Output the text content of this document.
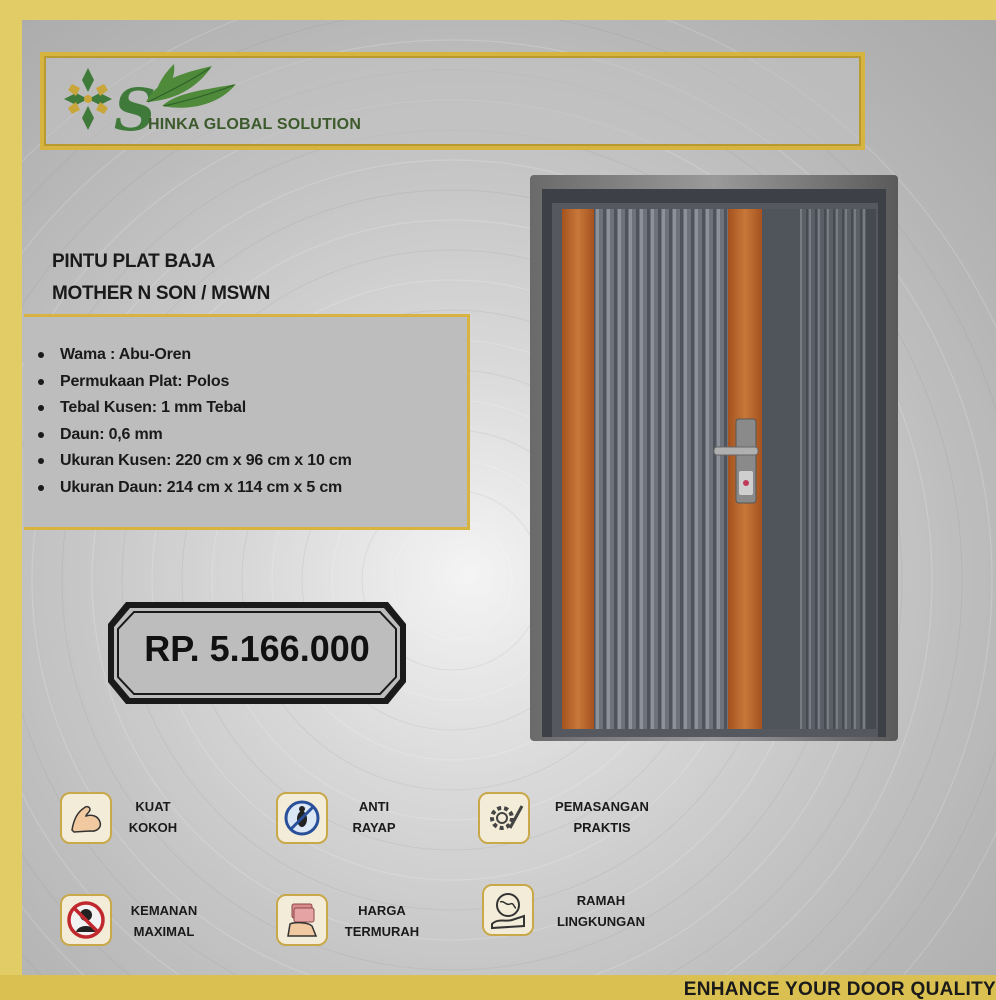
S
HINKA GLOBAL SOLUTION
PINTU PLAT BAJA
MOTHER N SON / MSWN
Wama : Abu-Oren
Permukaan Plat: Polos
Tebal Kusen: 1 mm Tebal
Daun: 0,6 mm
Ukuran Kusen: 220 cm x 96 cm x 10 cm
Ukuran Daun: 214 cm x 114 cm x 5 cm
RP. 5.166.000
KUAT
KOKOH
ANTI
RAYAP
PEMASANGAN
PRAKTIS
KEMANAN
MAXIMAL
HARGA
TERMURAH
RAMAH
LINGKUNGAN
ENHANCE YOUR DOOR QUALITY
